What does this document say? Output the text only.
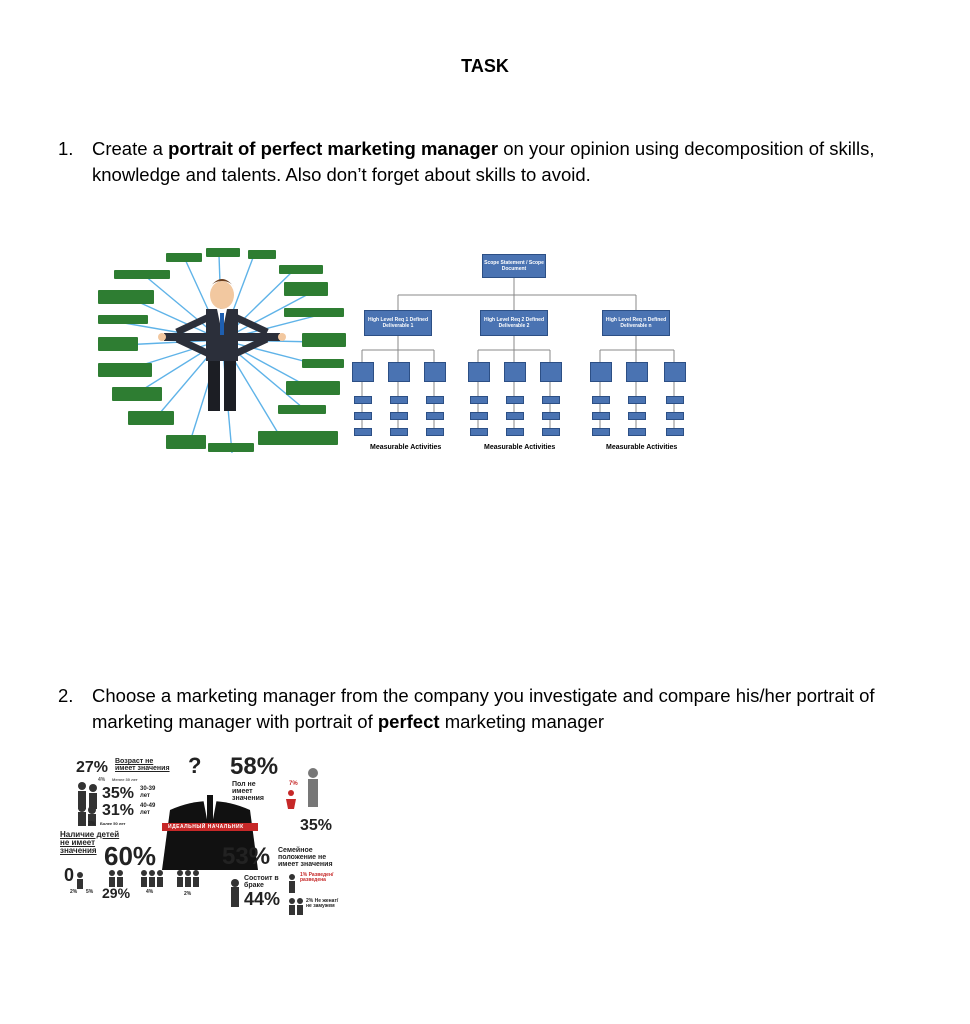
TASK
1. Create a portrait of perfect marketing manager on your opinion using decomposition of skills, knowledge and talents. Also don’t forget about skills to avoid.
Scope Statement / Scope Document
High Level Req 1 Defined Deliverable 1
High Level Req 2 Defined Deliverable 2
High Level Req n Defined Deliverable n
Measurable Activities	Measurable Activities	Measurable Activities
2. Choose a marketing manager from the company you investigate and compare his/her portrait of marketing manager with portrait of perfect marketing manager
27% Возраст не имеет значения ? 58%
Пол не имеет значения
7%
4% Менее 30 лет
35% 30-39 лет
31% 40-49 лет
3% Более 50 лет	35%
Наличие детей не имеет значения 60%
ИДЕАЛЬНЫЙ НАЧАЛЬНИК
53% Семейное положение не имеет значения
0
2% 5% 29%	4%	2%
Состоит в браке
44%
1% Разведен/ разведена
2% Не женат/ не замужем
